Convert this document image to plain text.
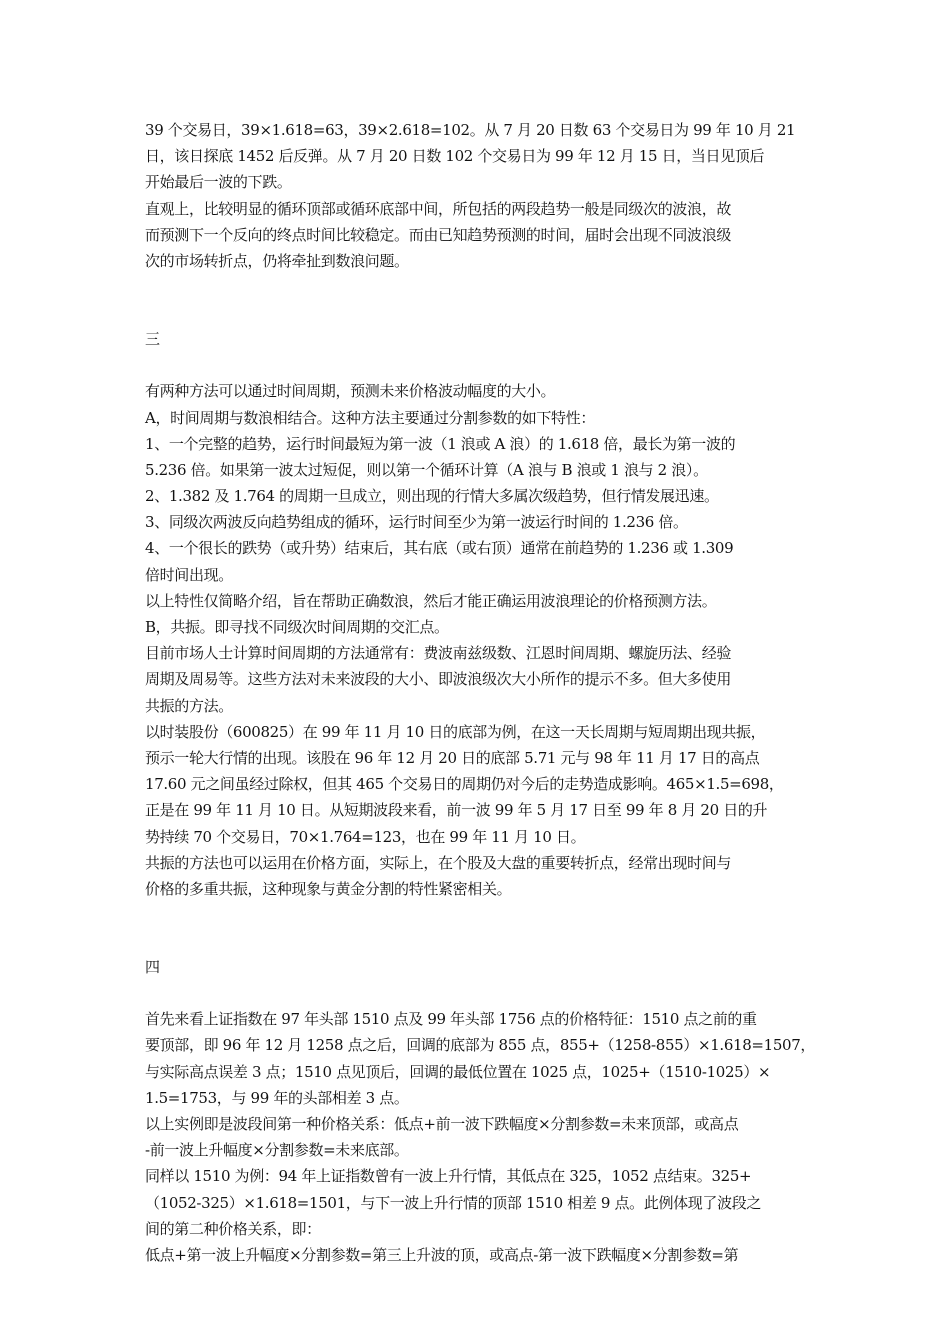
39 个交易日，39×1.618=63，39×2.618=102。从 7 月 20 日数 63 个交易日为 99 年 10 月 21
日，该日探底 1452 后反弹。从 7 月 20 日数 102 个交易日为 99 年 12 月 15 日，当日见顶后
开始最后一波的下跌。
直观上，比较明显的循环顶部或循环底部中间，所包括的两段趋势一般是同级次的波浪，故
而预测下一个反向的终点时间比较稳定。而由已知趋势预测的时间，届时会出现不同波浪级
次的市场转折点，仍将牵扯到数浪问题。
三
有两种方法可以通过时间周期，预测未来价格波动幅度的大小。
A，时间周期与数浪相结合。这种方法主要通过分割参数的如下特性：
1、一个完整的趋势，运行时间最短为第一波（1 浪或 A 浪）的 1.618 倍，最长为第一波的
5.236 倍。如果第一波太过短促，则以第一个循环计算（A 浪与 B 浪或 1 浪与 2 浪）。
2、1.382 及 1.764 的周期一旦成立，则出现的行情大多属次级趋势，但行情发展迅速。
3、同级次两波反向趋势组成的循环，运行时间至少为第一波运行时间的 1.236 倍。
4、一个很长的跌势（或升势）结束后，其右底（或右顶）通常在前趋势的 1.236 或 1.309
倍时间出现。
以上特性仅简略介绍，旨在帮助正确数浪，然后才能正确运用波浪理论的价格预测方法。
B，共振。即寻找不同级次时间周期的交汇点。
目前市场人士计算时间周期的方法通常有：费波南兹级数、江恩时间周期、螺旋历法、经验
周期及周易等。这些方法对未来波段的大小、即波浪级次大小所作的提示不多。但大多使用
共振的方法。
以时装股份（600825）在 99 年 11 月 10 日的底部为例，在这一天长周期与短周期出现共振，
预示一轮大行情的出现。该股在 96 年 12 月 20 日的底部 5.71 元与 98 年 11 月 17 日的高点
17.60 元之间虽经过除权，但其 465 个交易日的周期仍对今后的走势造成影响。465×1.5=698，
正是在 99 年 11 月 10 日。从短期波段来看，前一波 99 年 5 月 17 日至 99 年 8 月 20 日的升
势持续 70 个交易日，70×1.764=123，也在 99 年 11 月 10 日。
共振的方法也可以运用在价格方面，实际上，在个股及大盘的重要转折点，经常出现时间与
价格的多重共振，这种现象与黄金分割的特性紧密相关。
四
首先来看上证指数在 97 年头部 1510 点及 99 年头部 1756 点的价格特征：1510 点之前的重
要顶部，即 96 年 12 月 1258 点之后，回调的底部为 855 点，855+（1258-855）×1.618=1507，
与实际高点误差 3 点；1510 点见顶后，回调的最低位置在 1025 点，1025+（1510-1025）×
1.5=1753，与 99 年的头部相差 3 点。
以上实例即是波段间第一种价格关系：低点+前一波下跌幅度×分割参数=未来顶部，或高点
-前一波上升幅度×分割参数=未来底部。
同样以 1510 为例：94 年上证指数曾有一波上升行情，其低点在 325，1052 点结束。325+
（1052-325）×1.618=1501，与下一波上升行情的顶部 1510 相差 9 点。此例体现了波段之
间的第二种价格关系，即：
低点+第一波上升幅度×分割参数=第三上升波的顶，或高点-第一波下跌幅度×分割参数=第
